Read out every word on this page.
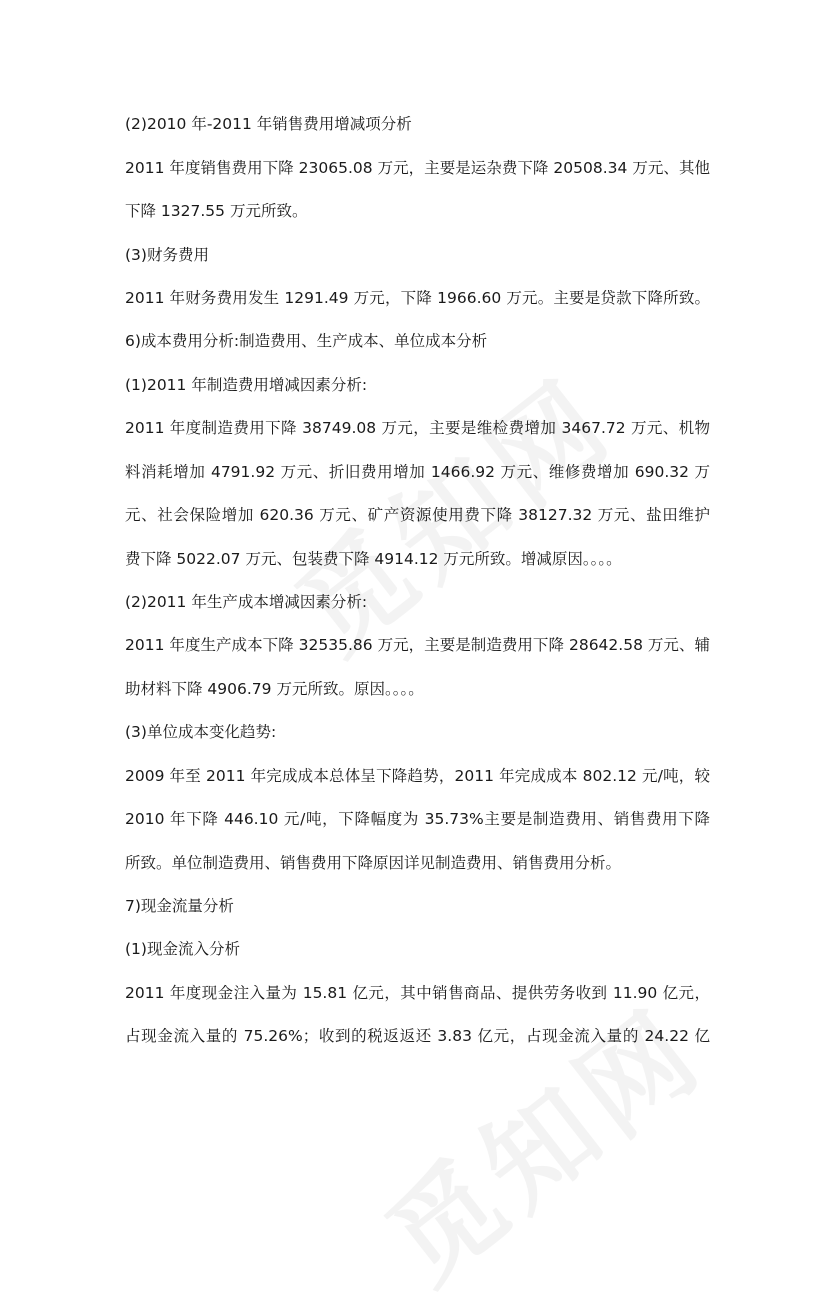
(2)2010 年-2011 年销售费用增减项分析
2011 年度销售费用下降 23065.08 万元，主要是运杂费下降 20508.34 万元、其他
下降 1327.55 万元所致。
(3)财务费用
2011 年财务费用发生 1291.49 万元，下降 1966.60 万元。主要是贷款下降所致。
6)成本费用分析:制造费用、生产成本、单位成本分析
(1)2011 年制造费用增减因素分析:
2011 年度制造费用下降 38749.08 万元，主要是维检费增加 3467.72 万元、机物
料消耗增加 4791.92 万元、折旧费用增加 1466.92 万元、维修费增加 690.32 万
元、社会保险增加 620.36 万元、矿产资源使用费下降 38127.32 万元、盐田维护
费下降 5022.07 万元、包装费下降 4914.12 万元所致。增减原因。。。。
(2)2011 年生产成本增减因素分析:
2011 年度生产成本下降 32535.86 万元，主要是制造费用下降 28642.58 万元、辅
助材料下降 4906.79 万元所致。原因。。。。
(3)单位成本变化趋势:
2009 年至 2011 年完成成本总体呈下降趋势，2011 年完成成本 802.12 元/吨，较
2010 年下降 446.10 元/吨，下降幅度为 35.73%主要是制造费用、销售费用下降
所致。单位制造费用、销售费用下降原因详见制造费用、销售费用分析。
7)现金流量分析
(1)现金流入分析
2011 年度现金注入量为 15.81 亿元，其中销售商品、提供劳务收到 11.90 亿元，
占现金流入量的 75.26%；收到的税返返还 3.83 亿元，占现金流入量的 24.22 亿
